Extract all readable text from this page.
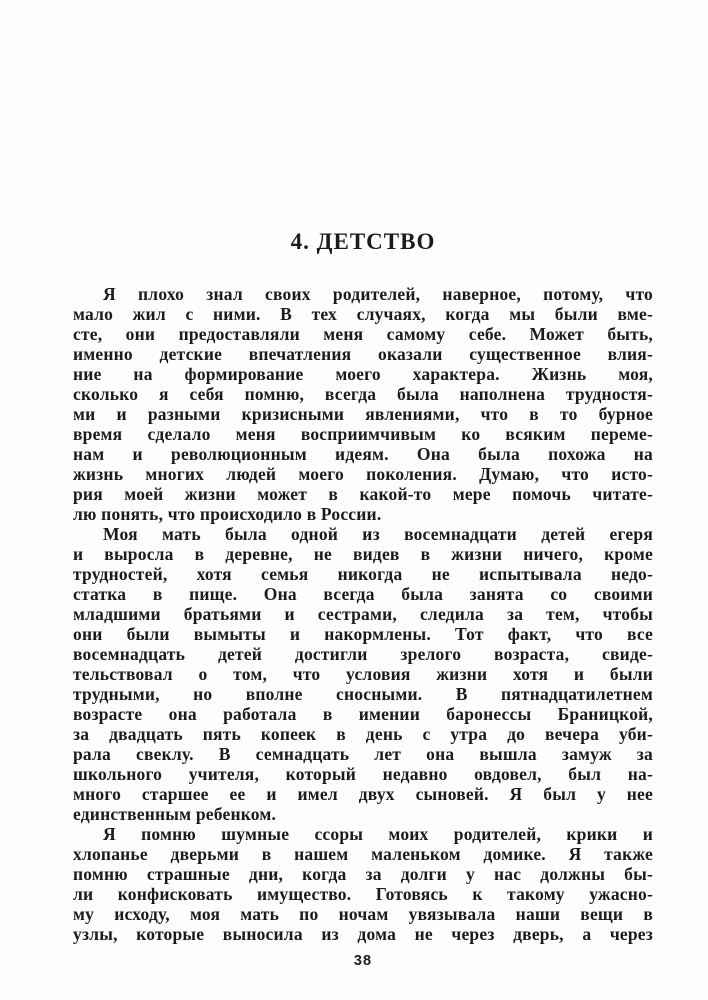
4. ДЕТСТВО
Я плохо знал своих родителей, наверное, потому, что
мало жил с ними. В тех случаях, когда мы были вме-
сте, они предоставляли меня самому себе. Может быть,
именно детские впечатления оказали существенное влия-
ние на формирование моего характера. Жизнь моя,
сколько я себя помню, всегда была наполнена трудностя-
ми и разными кризисными явлениями, что в то бурное
время сделало меня восприимчивым ко всяким переме-
нам и революционным идеям. Она была похожа на
жизнь многих людей моего поколения. Думаю, что исто-
рия моей жизни может в какой-то мере помочь читате-
лю понять, что происходило в России.
Моя мать была одной из восемнадцати детей егеря
и выросла в деревне, не видев в жизни ничего, кроме
трудностей, хотя семья никогда не испытывала недо-
статка в пище. Она всегда была занята со своими
младшими братьями и сестрами, следила за тем, чтобы
они были вымыты и накормлены. Тот факт, что все
восемнадцать детей достигли зрелого возраста, свиде-
тельствовал о том, что условия жизни хотя и были
трудными, но вполне сносными. В пятнадцатилетнем
возрасте она работала в имении баронессы Браницкой,
за двадцать пять копеек в день с утра до вечера уби-
рала свеклу. В семнадцать лет она вышла замуж за
школьного учителя, который недавно овдовел, был на-
много старшее ее и имел двух сыновей. Я был у нее
единственным ребенком.
Я помню шумные ссоры моих родителей, крики и
хлопанье дверьми в нашем маленьком домике. Я также
помню страшные дни, когда за долги у нас должны бы-
ли конфисковать имущество. Готовясь к такому ужасно-
му исходу, моя мать по ночам увязывала наши вещи в
узлы, которые выносила из дома не через дверь, а через
38
